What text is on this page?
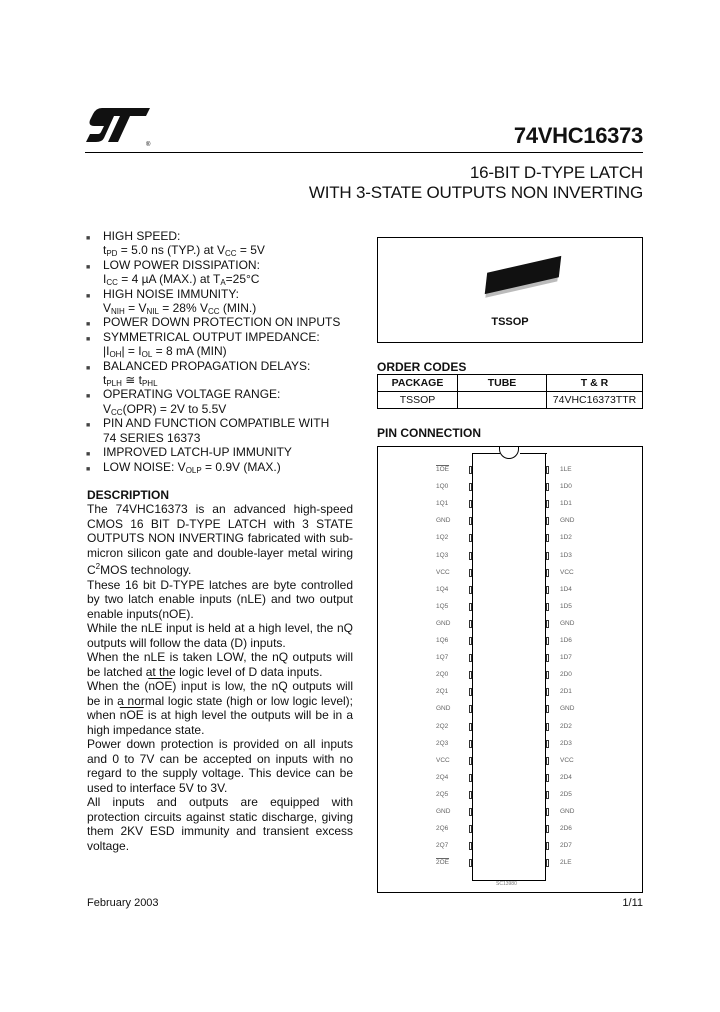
®	74VHC16373
16-BIT D-TYPE LATCH
WITH 3-STATE OUTPUTS NON INVERTING
■ HIGH SPEED:
$t_{PD} = 5.0$ ns (TYP.) at $V_{CC} = 5V$
■ LOW POWER DISSIPATION:
$I_{CC} = 4$ µA (MAX.) at $T_A=25^\circ C$
■ HIGH NOISE IMMUNITY:
$V_{NIH} = V_{NIL} = 28\%$ $V_{CC}$ (MIN.)
■ POWER DOWN PROTECTION ON INPUTS
■ SYMMETRICAL OUTPUT IMPEDANCE:
$|I_{OH}| = I_{OL} = 8$ mA (MIN)
■ BALANCED PROPAGATION DELAYS:
$t_{PLH}$ ≅ $t_{PHL}$
■ OPERATING VOLTAGE RANGE:
$V_{CC}(OPR) = 2V$ to 5.5V
■ PIN AND FUNCTION COMPATIBLE WITH
74 SERIES 16373
■ IMPROVED LATCH-UP IMMUNITY
■ LOW NOISE: $V_{OLP} = 0.9V$ (MAX.)
DESCRIPTION
The 74VHC16373 is an advanced high-speed CMOS 16 BIT D-TYPE LATCH with 3 STATE OUTPUTS NON INVERTING fabricated with sub-micron silicon gate and double-layer metal wiring $C^2MOS$ technology.
These 16 bit D-TYPE latches are byte controlled by two latch enable inputs (nLE) and two output enable inputs(nOE).
While the nLE input is held at a high level, the nQ outputs will follow the data (D) inputs.
When the nLE is taken LOW, the nQ outputs will be latched at the logic level of D data inputs.
When the $(\overline{nOE})$ input is low, the nQ outputs will be in a normal logic state (high or low logic level); when $\overline{nOE}$ is at high level the outputs will be in a high impedance state.
Power down protection is provided on all inputs and 0 to 7V can be accepted on inputs with no regard to the supply voltage. This device can be used to interface 5V to 3V.
All inputs and outputs are equipped with protection circuits against static discharge, giving them 2KV ESD immunity and transient excess voltage.
TSSOP
ORDER CODES
PACKAGE	TUBE	T & R
TSSOP		74VHC16373TTR
PIN CONNECTION
SC13980
1OE
1Q0
1Q1
GND
1Q2
1Q3
VCC
1Q4
1Q5
GND
1Q6
1Q7
2Q0
2Q1
GND
2Q2
2Q3
VCC
2Q4
2Q5
GND
2Q6
2Q7
2OE
1LE
1D0
1D1
GND
1D2
1D3
VCC
1D4
1D5
GND
1D6
1D7
2D0
2D1
GND
2D2
2D3
VCC
2D4
2D5
GND
2D6
2D7
2LE
February 2003	1/11
